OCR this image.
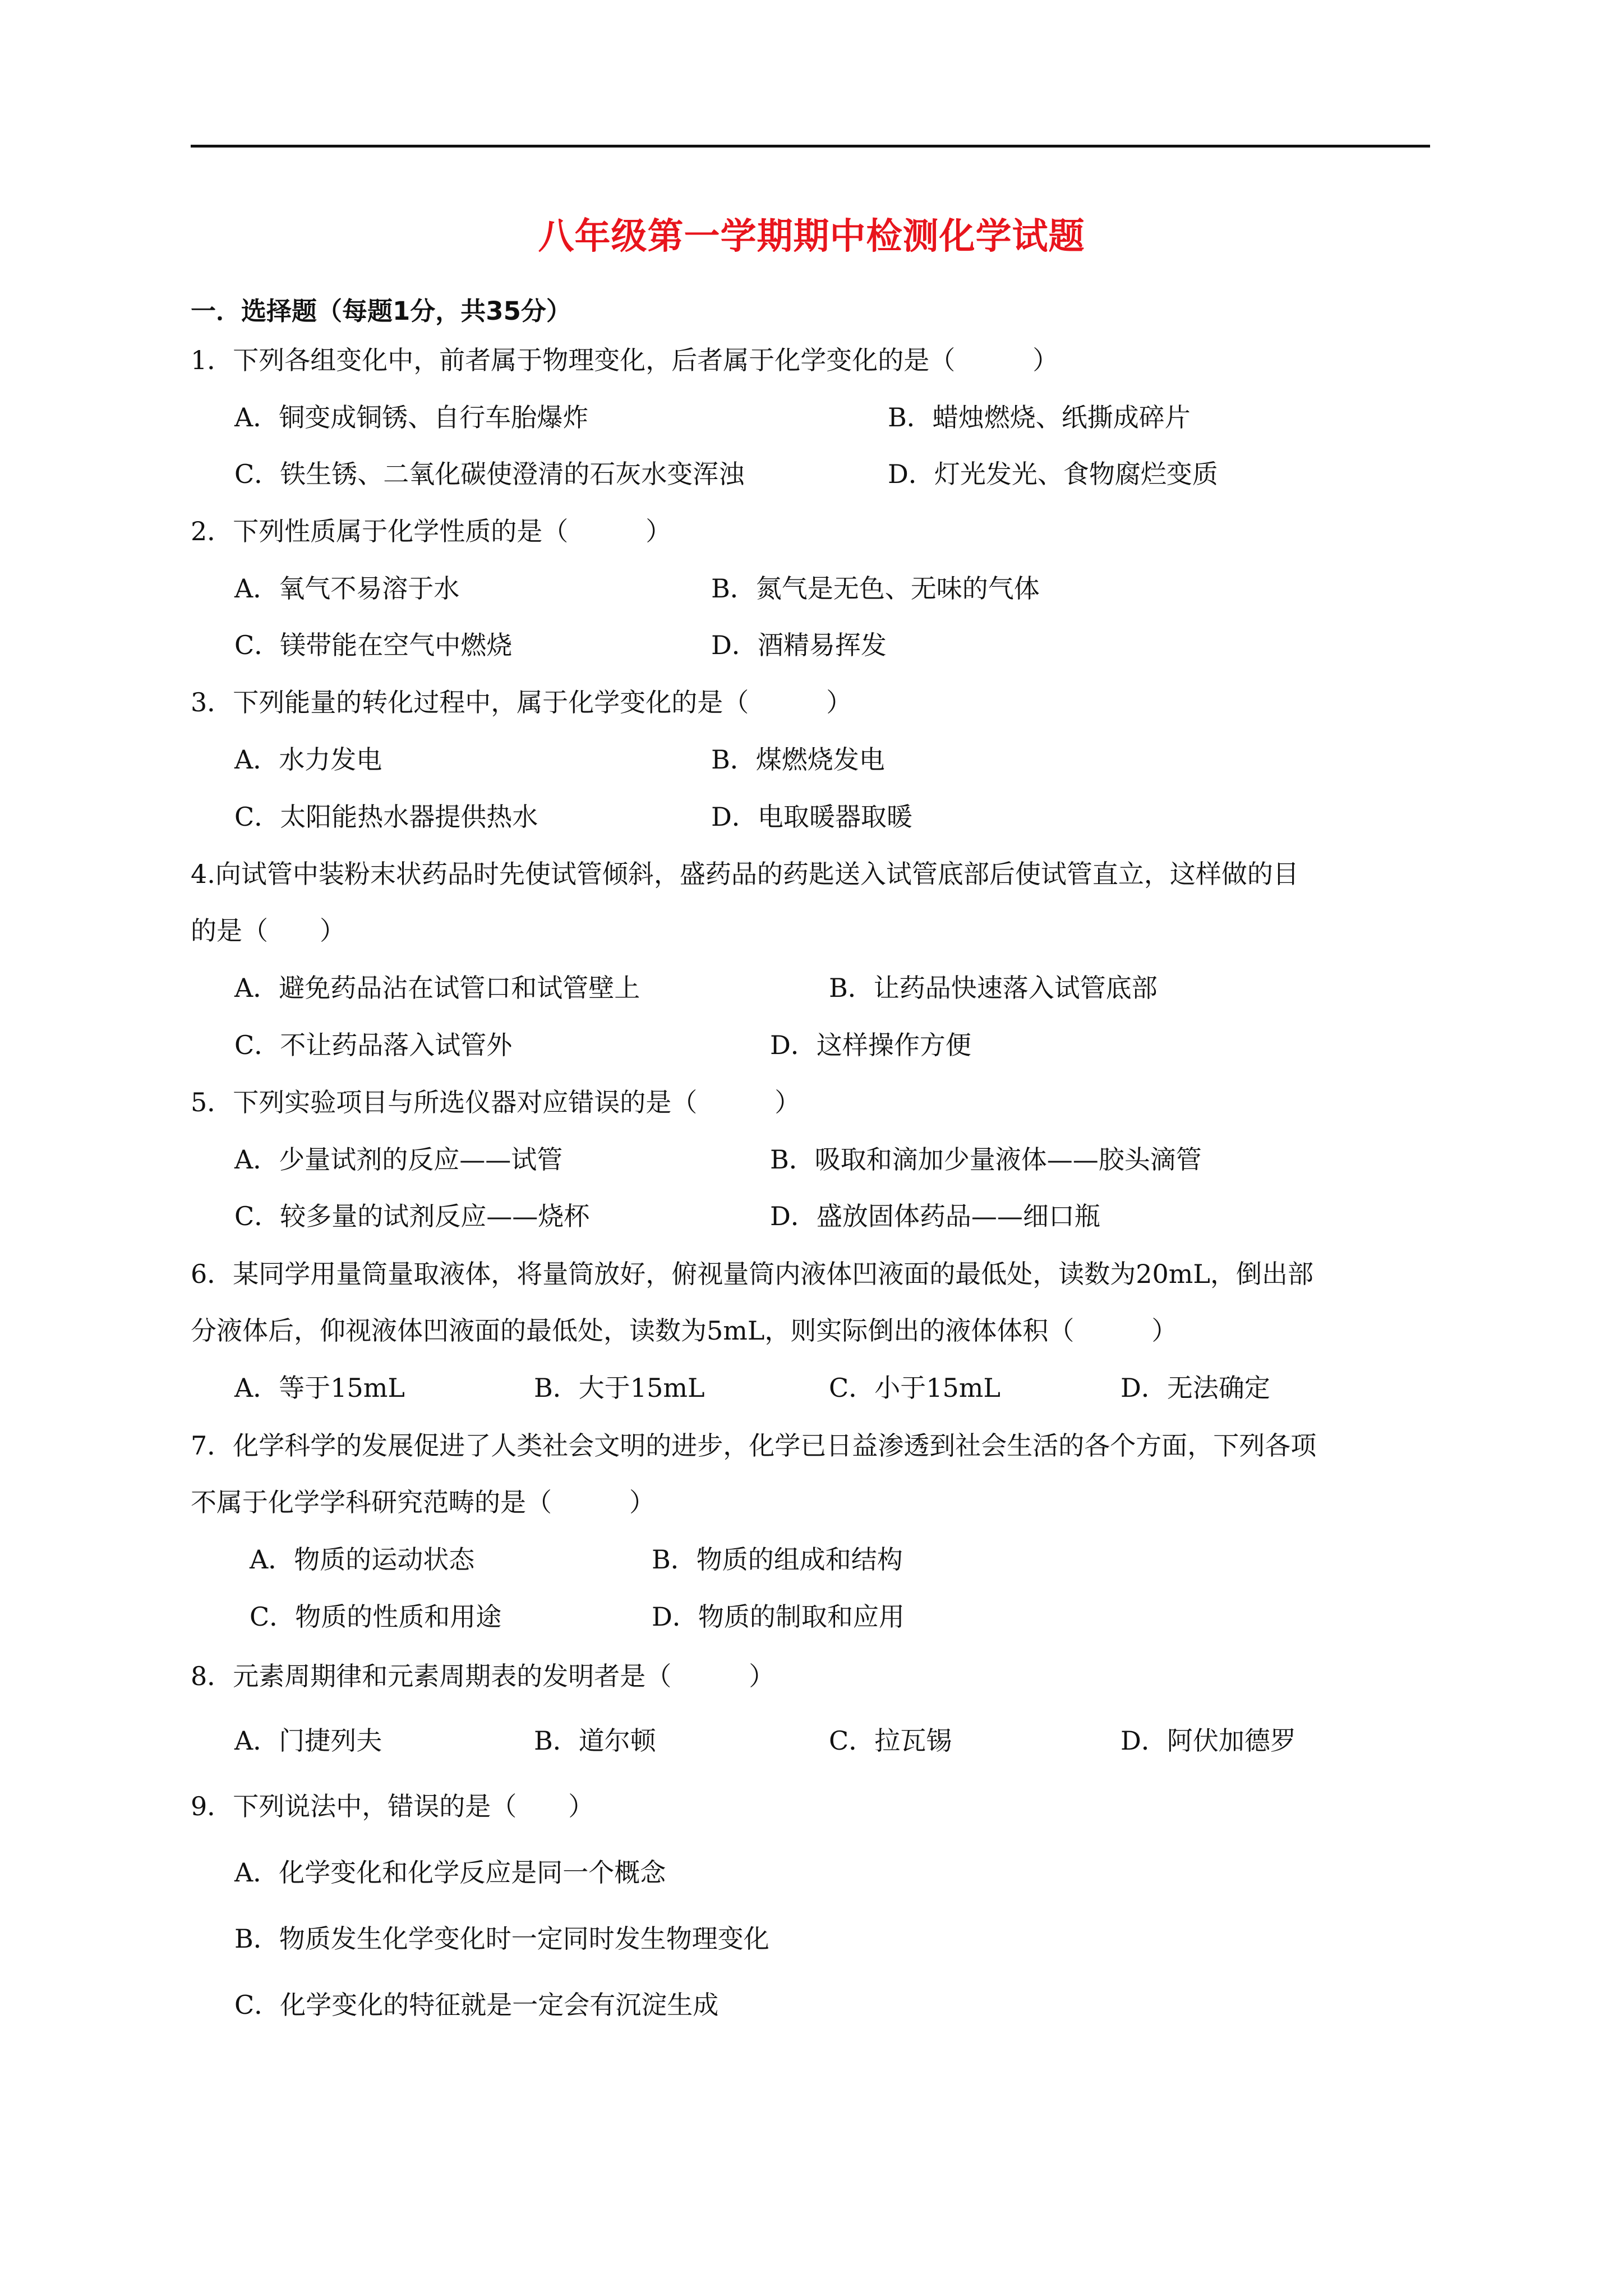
八年级第一学期期中检测化学试题
一．选择题（每题1分，共35分）
1．下列各组变化中，前者属于物理变化，后者属于化学变化的是（　　　）
A．铜变成铜锈、自行车胎爆炸	B．蜡烛燃烧、纸撕成碎片
C．铁生锈、二氧化碳使澄清的石灰水变浑浊	D．灯光发光、食物腐烂变质
2．下列性质属于化学性质的是（　　　）
A．氧气不易溶于水	B．氮气是无色、无味的气体
C．镁带能在空气中燃烧	D．酒精易挥发
3．下列能量的转化过程中，属于化学变化的是（　　　）
A．水力发电	B．煤燃烧发电
C．太阳能热水器提供热水	D．电取暖器取暖
4.向试管中装粉末状药品时先使试管倾斜，盛药品的药匙送入试管底部后使试管直立，这样做的目
的是（　　）
A．避免药品沾在试管口和试管壁上	B．让药品快速落入试管底部
C．不让药品落入试管外	D．这样操作方便
5．下列实验项目与所选仪器对应错误的是（　　　）
A．少量试剂的反应——试管	B．吸取和滴加少量液体——胶头滴管
C．较多量的试剂反应——烧杯	D．盛放固体药品——细口瓶
6．某同学用量筒量取液体，将量筒放好，俯视量筒内液体凹液面的最低处，读数为20mL，倒出部
分液体后，仰视液体凹液面的最低处，读数为5mL，则实际倒出的液体体积（　　　）
A．等于15mL	B．大于15mL	C．小于15mL	D．无法确定
7．化学科学的发展促进了人类社会文明的进步，化学已日益渗透到社会生活的各个方面，下列各项
不属于化学学科研究范畴的是（　　　）
A．物质的运动状态	B．物质的组成和结构
C．物质的性质和用途	D．物质的制取和应用
8．元素周期律和元素周期表的发明者是（　　　）
A．门捷列夫	B．道尔顿	C．拉瓦锡	D．阿伏加德罗
9．下列说法中，错误的是（　　）
A．化学变化和化学反应是同一个概念
B．物质发生化学变化时一定同时发生物理变化
C．化学变化的特征就是一定会有沉淀生成
